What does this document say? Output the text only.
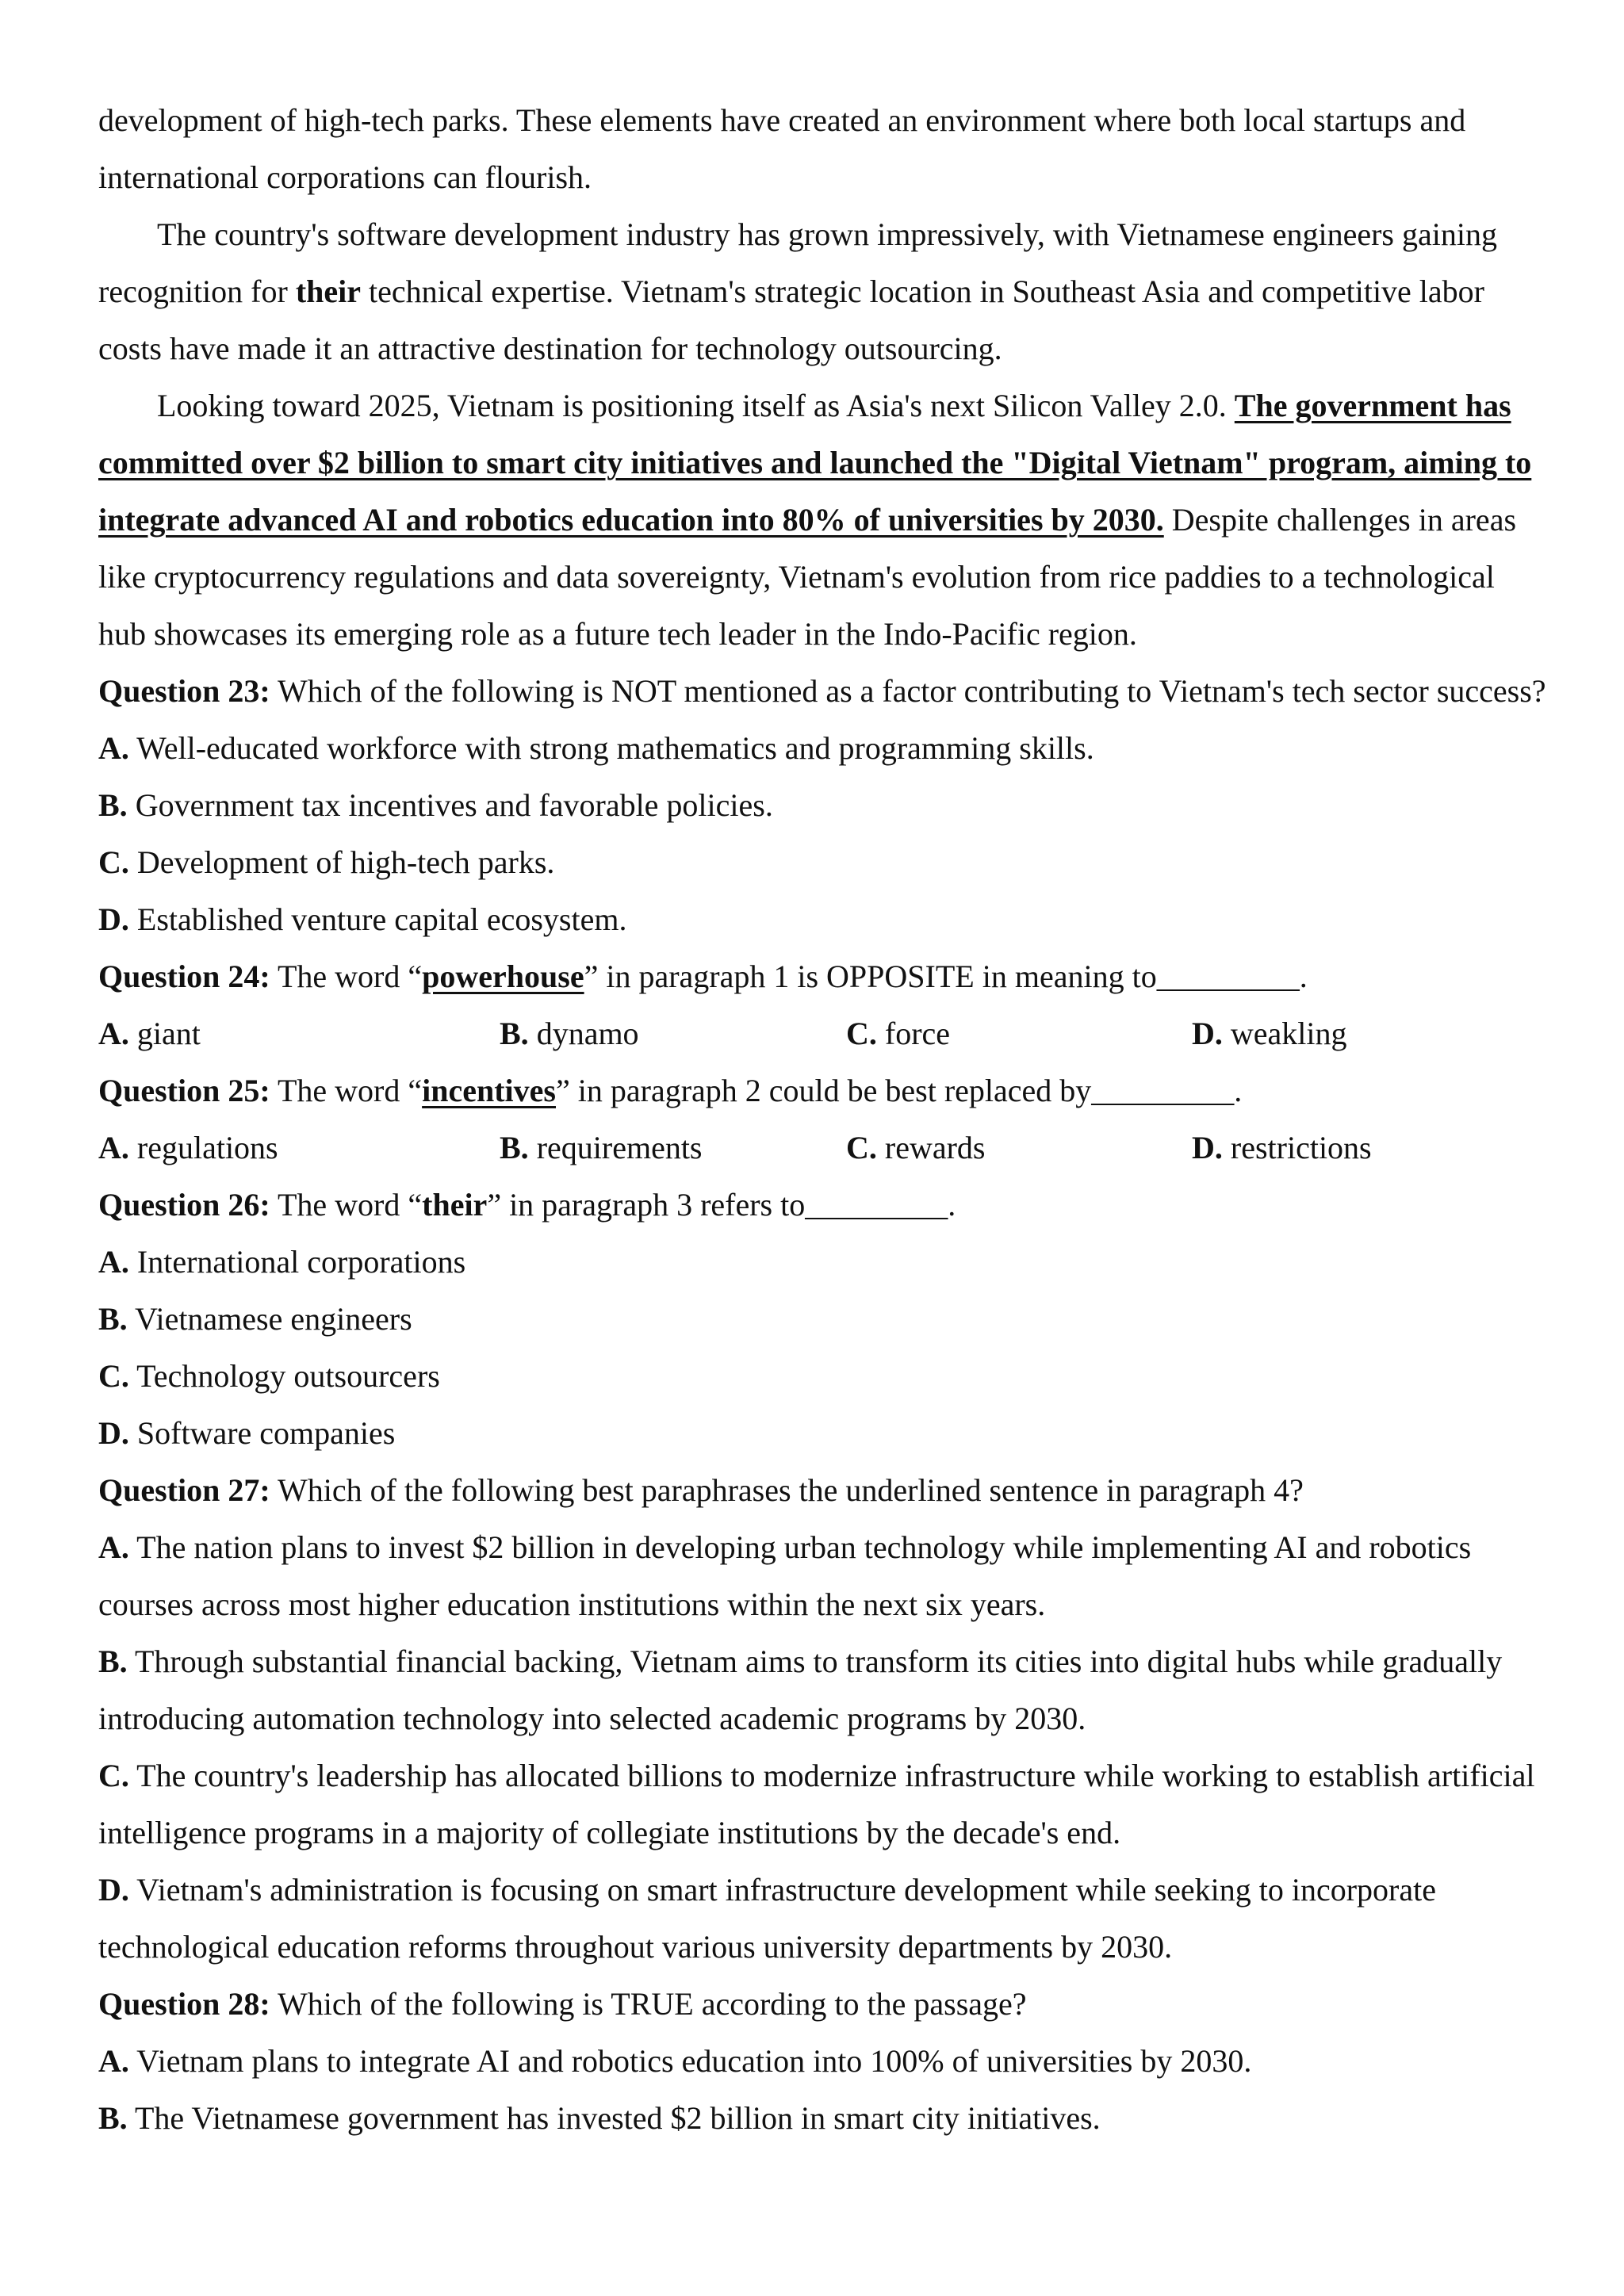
development of high-tech parks. These elements have created an environment where both local startups and international corporations can flourish.

The country's software development industry has grown impressively, with Vietnamese engineers gaining recognition for their technical expertise. Vietnam's strategic location in Southeast Asia and competitive labor costs have made it an attractive destination for technology outsourcing.

Looking toward 2025, Vietnam is positioning itself as Asia's next Silicon Valley 2.0. The government has committed over $2 billion to smart city initiatives and launched the "Digital Vietnam" program, aiming to integrate advanced AI and robotics education into 80% of universities by 2030. Despite challenges in areas like cryptocurrency regulations and data sovereignty, Vietnam's evolution from rice paddies to a technological hub showcases its emerging role as a future tech leader in the Indo-Pacific region.

Question 23: Which of the following is NOT mentioned as a factor contributing to Vietnam's tech sector success?

A. Well-educated workforce with strong mathematics and programming skills.

B. Government tax incentives and favorable policies.

C. Development of high-tech parks.

D. Established venture capital ecosystem.

Question 24: The word “powerhouse” in paragraph 1 is OPPOSITE in meaning to_________.

A. giant	B. dynamo	C. force	D. weakling

Question 25: The word “incentives” in paragraph 2 could be best replaced by_________.

A. regulations	B. requirements	C. rewards	D. restrictions

Question 26: The word “their” in paragraph 3 refers to_________.

A. International corporations

B. Vietnamese engineers

C. Technology outsourcers

D. Software companies

Question 27: Which of the following best paraphrases the underlined sentence in paragraph 4?

A. The nation plans to invest $2 billion in developing urban technology while implementing AI and robotics courses across most higher education institutions within the next six years.

B. Through substantial financial backing, Vietnam aims to transform its cities into digital hubs while gradually introducing automation technology into selected academic programs by 2030.

C. The country's leadership has allocated billions to modernize infrastructure while working to establish artificial intelligence programs in a majority of collegiate institutions by the decade's end.

D. Vietnam's administration is focusing on smart infrastructure development while seeking to incorporate technological education reforms throughout various university departments by 2030.

Question 28: Which of the following is TRUE according to the passage?

A. Vietnam plans to integrate AI and robotics education into 100% of universities by 2030.

B. The Vietnamese government has invested $2 billion in smart city initiatives.
